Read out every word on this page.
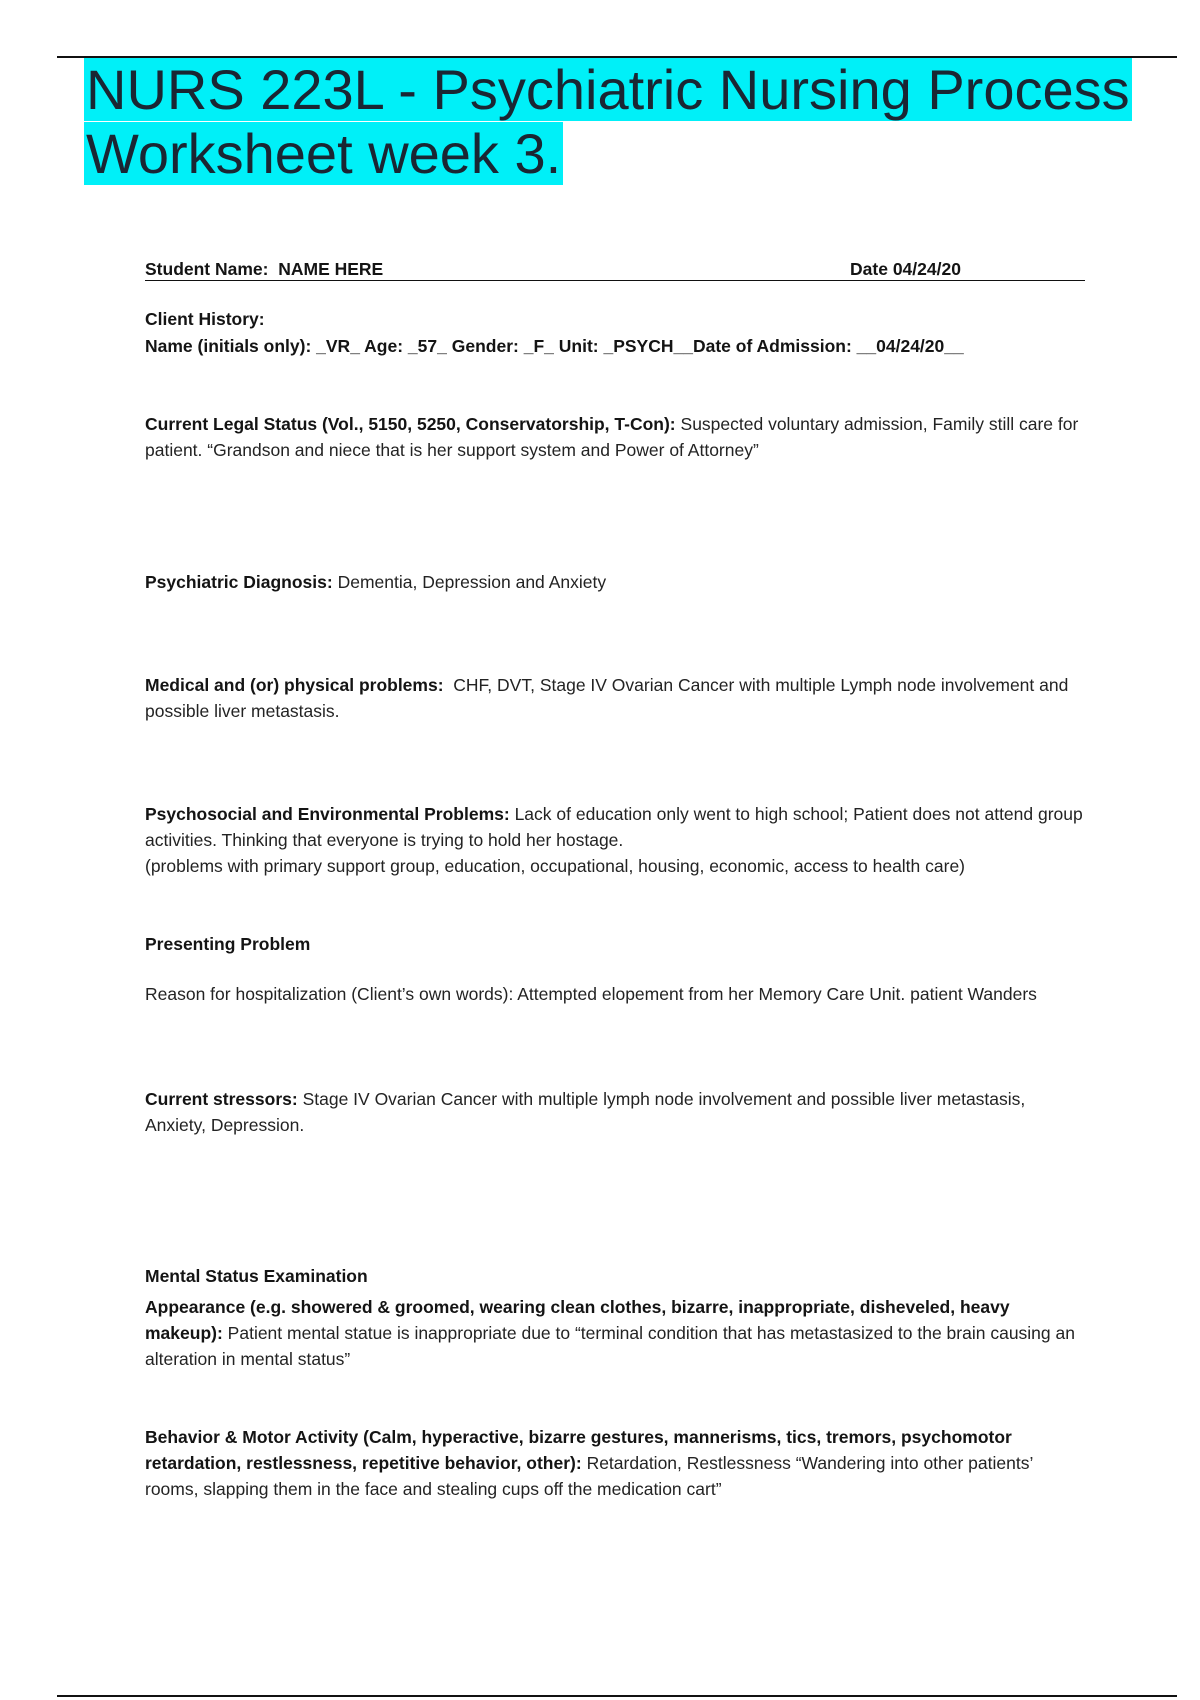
NURS 223L - Psychiatric Nursing Process
Worksheet week 3.
Student Name: NAME HERE	Date 04/24/20

Client History:

Name (initials only): _VR_ Age: _57_ Gender: _F_ Unit: _PSYCH__Date of Admission: __04/24/20__

Current Legal Status (Vol., 5150, 5250, Conservatorship, T-Con): Suspected voluntary admission, Family still care for patient. “Grandson and niece that is her support system and Power of Attorney”

Psychiatric Diagnosis: Dementia, Depression and Anxiety

Medical and (or) physical problems: CHF, DVT, Stage IV Ovarian Cancer with multiple Lymph node involvement and possible liver metastasis.

Psychosocial and Environmental Problems: Lack of education only went to high school; Patient does not attend group activities. Thinking that everyone is trying to hold her hostage.
(problems with primary support group, education, occupational, housing, economic, access to health care)

Presenting Problem

Reason for hospitalization (Client’s own words): Attempted elopement from her Memory Care Unit. patient Wanders

Current stressors: Stage IV Ovarian Cancer with multiple lymph node involvement and possible liver metastasis, Anxiety, Depression.

Mental Status Examination

Appearance (e.g. showered & groomed, wearing clean clothes, bizarre, inappropriate, disheveled, heavy makeup): Patient mental statue is inappropriate due to “terminal condition that has metastasized to the brain causing an alteration in mental status”

Behavior & Motor Activity (Calm, hyperactive, bizarre gestures, mannerisms, tics, tremors, psychomotor retardation, restlessness, repetitive behavior, other): Retardation, Restlessness “Wandering into other patients’ rooms, slapping them in the face and stealing cups off the medication cart”
